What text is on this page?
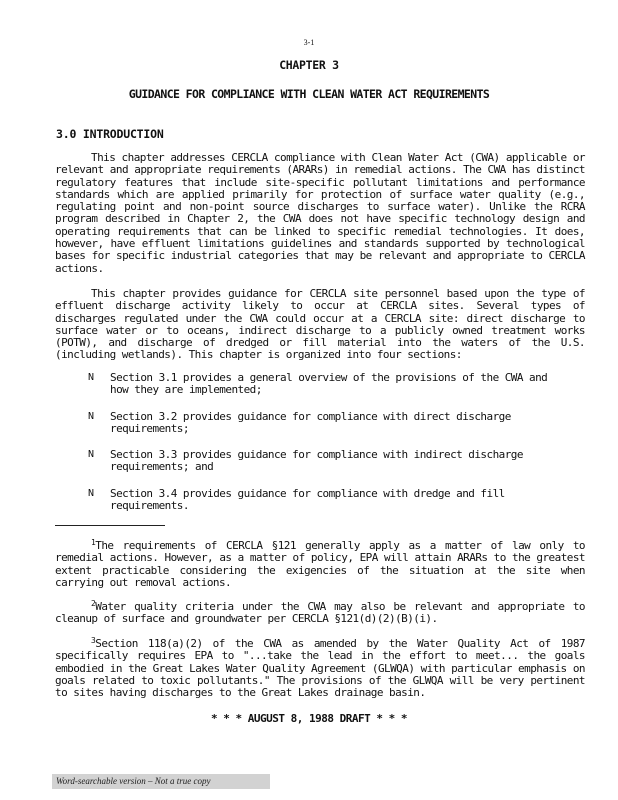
3-1
CHAPTER 3
GUIDANCE FOR COMPLIANCE WITH CLEAN WATER ACT REQUIREMENTS
3.0 INTRODUCTION
This chapter addresses CERCLA compliance with Clean Water Act (CWA) applicable or relevant and appropriate requirements (ARARs) in remedial actions. The CWA has distinct regulatory features that include site-specific pollutant limitations and performance standards which are applied primarily for protection of surface water quality (e.g., regulating point and non-point source discharges to surface water). Unlike the RCRA program described in Chapter 2, the CWA does not have specific technology design and operating requirements that can be linked to specific remedial technologies. It does, however, have effluent limitations guidelines and standards supported by technological bases for specific industrial categories that may be relevant and appropriate to CERCLA actions.
This chapter provides guidance for CERCLA site personnel based upon the type of effluent discharge activity likely to occur at CERCLA sites. Several types of discharges regulated under the CWA could occur at a CERCLA site: direct discharge to surface water or to oceans, indirect discharge to a publicly owned treatment works (POTW), and discharge of dredged or fill material into the waters of the U.S. (including wetlands). This chapter is organized into four sections:
N	Section 3.1 provides a general overview of the provisions of the CWA and how they are implemented;
N	Section 3.2 provides guidance for compliance with direct discharge requirements;
N	Section 3.3 provides guidance for compliance with indirect discharge requirements; and
N	Section 3.4 provides guidance for compliance with dredge and fill requirements.
$^1$The requirements of CERCLA §121 generally apply as a matter of law only to remedial actions. However, as a matter of policy, EPA will attain ARARs to the greatest extent practicable considering the exigencies of the situation at the site when carrying out removal actions.
$^2$Water quality criteria under the CWA may also be relevant and appropriate to cleanup of surface and groundwater per CERCLA §121(d)(2)(B)(i).
$^3$Section 118(a)(2) of the CWA as amended by the Water Quality Act of 1987 specifically requires EPA to "...take the lead in the effort to meet... the goals embodied in the Great Lakes Water Quality Agreement (GLWQA) with particular emphasis on goals related to toxic pollutants." The provisions of the GLWQA will be very pertinent to sites having discharges to the Great Lakes drainage basin.
* * * AUGUST 8, 1988 DRAFT * * *
Word-searchable version – Not a true copy
